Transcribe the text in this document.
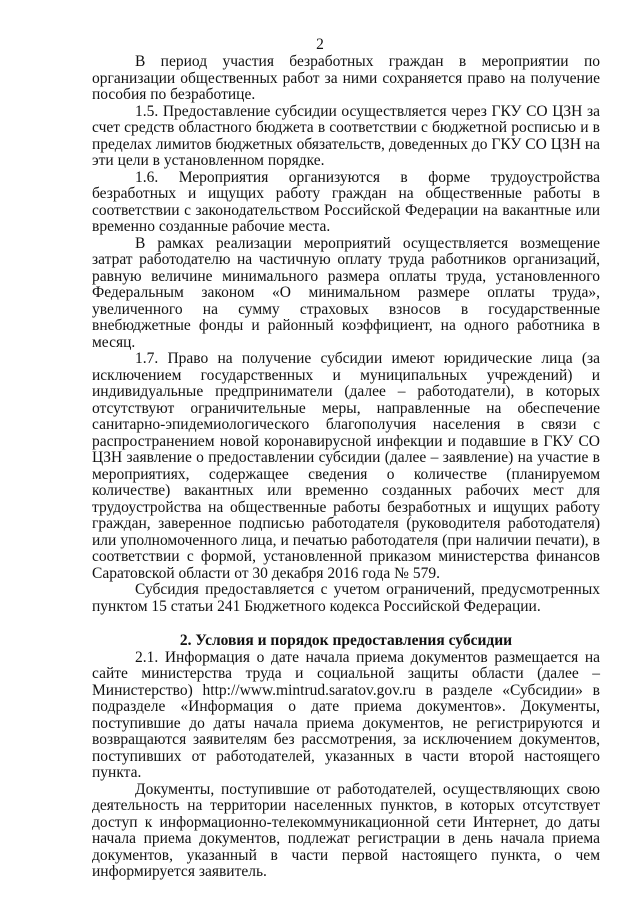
2

В период участия безработных граждан в мероприятии по организации общественных работ за ними сохраняется право на получение пособия по безработице.

1.5. Предоставление субсидии осуществляется через ГКУ СО ЦЗН за счет средств областного бюджета в соответствии с бюджетной росписью и в пределах лимитов бюджетных обязательств, доведенных до ГКУ СО ЦЗН на эти цели в установленном порядке.

1.6. Мероприятия организуются в форме трудоустройства безработных и ищущих работу граждан на общественные работы в соответствии с законодательством Российской Федерации на вакантные или временно созданные рабочие места.

В рамках реализации мероприятий осуществляется возмещение затрат работодателю на частичную оплату труда работников организаций, равную величине минимального размера оплаты труда, установленного Федеральным законом «О минимальном размере оплаты труда», увеличенного на сумму страховых взносов в государственные внебюджетные фонды и районный коэффициент, на одного работника в месяц.

1.7. Право на получение субсидии имеют юридические лица (за исключением государственных и муниципальных учреждений) и индивидуальные предприниматели (далее – работодатели), в которых отсутствуют ограничительные меры, направленные на обеспечение санитарно-эпидемиологического благополучия населения в связи с распространением новой коронавирусной инфекции и подавшие в ГКУ СО ЦЗН заявление о предоставлении субсидии (далее – заявление) на участие в мероприятиях, содержащее сведения о количестве (планируемом количестве) вакантных или временно созданных рабочих мест для трудоустройства на общественные работы безработных и ищущих работу граждан, заверенное подписью работодателя (руководителя работодателя) или уполномоченного лица, и печатью работодателя (при наличии печати), в соответствии с формой, установленной приказом министерства финансов Саратовской области от 30 декабря 2016 года № 579.

Субсидия предоставляется с учетом ограничений, предусмотренных пунктом 15 статьи 241 Бюджетного кодекса Российской Федерации.

2. Условия и порядок предоставления субсидии

2.1. Информация о дате начала приема документов размещается на сайте министерства труда и социальной защиты области (далее – Министерство) http://www.mintrud.saratov.gov.ru в разделе «Субсидии» в подразделе «Информация о дате приема документов». Документы, поступившие до даты начала приема документов, не регистрируются и возвращаются заявителям без рассмотрения, за исключением документов, поступивших от работодателей, указанных в части второй настоящего пункта.

Документы, поступившие от работодателей, осуществляющих свою деятельность на территории населенных пунктов, в которых отсутствует доступ к информационно-телекоммуникационной сети Интернет, до даты начала приема документов, подлежат регистрации в день начала приема документов, указанный в части первой настоящего пункта, о чем информируется заявитель.
